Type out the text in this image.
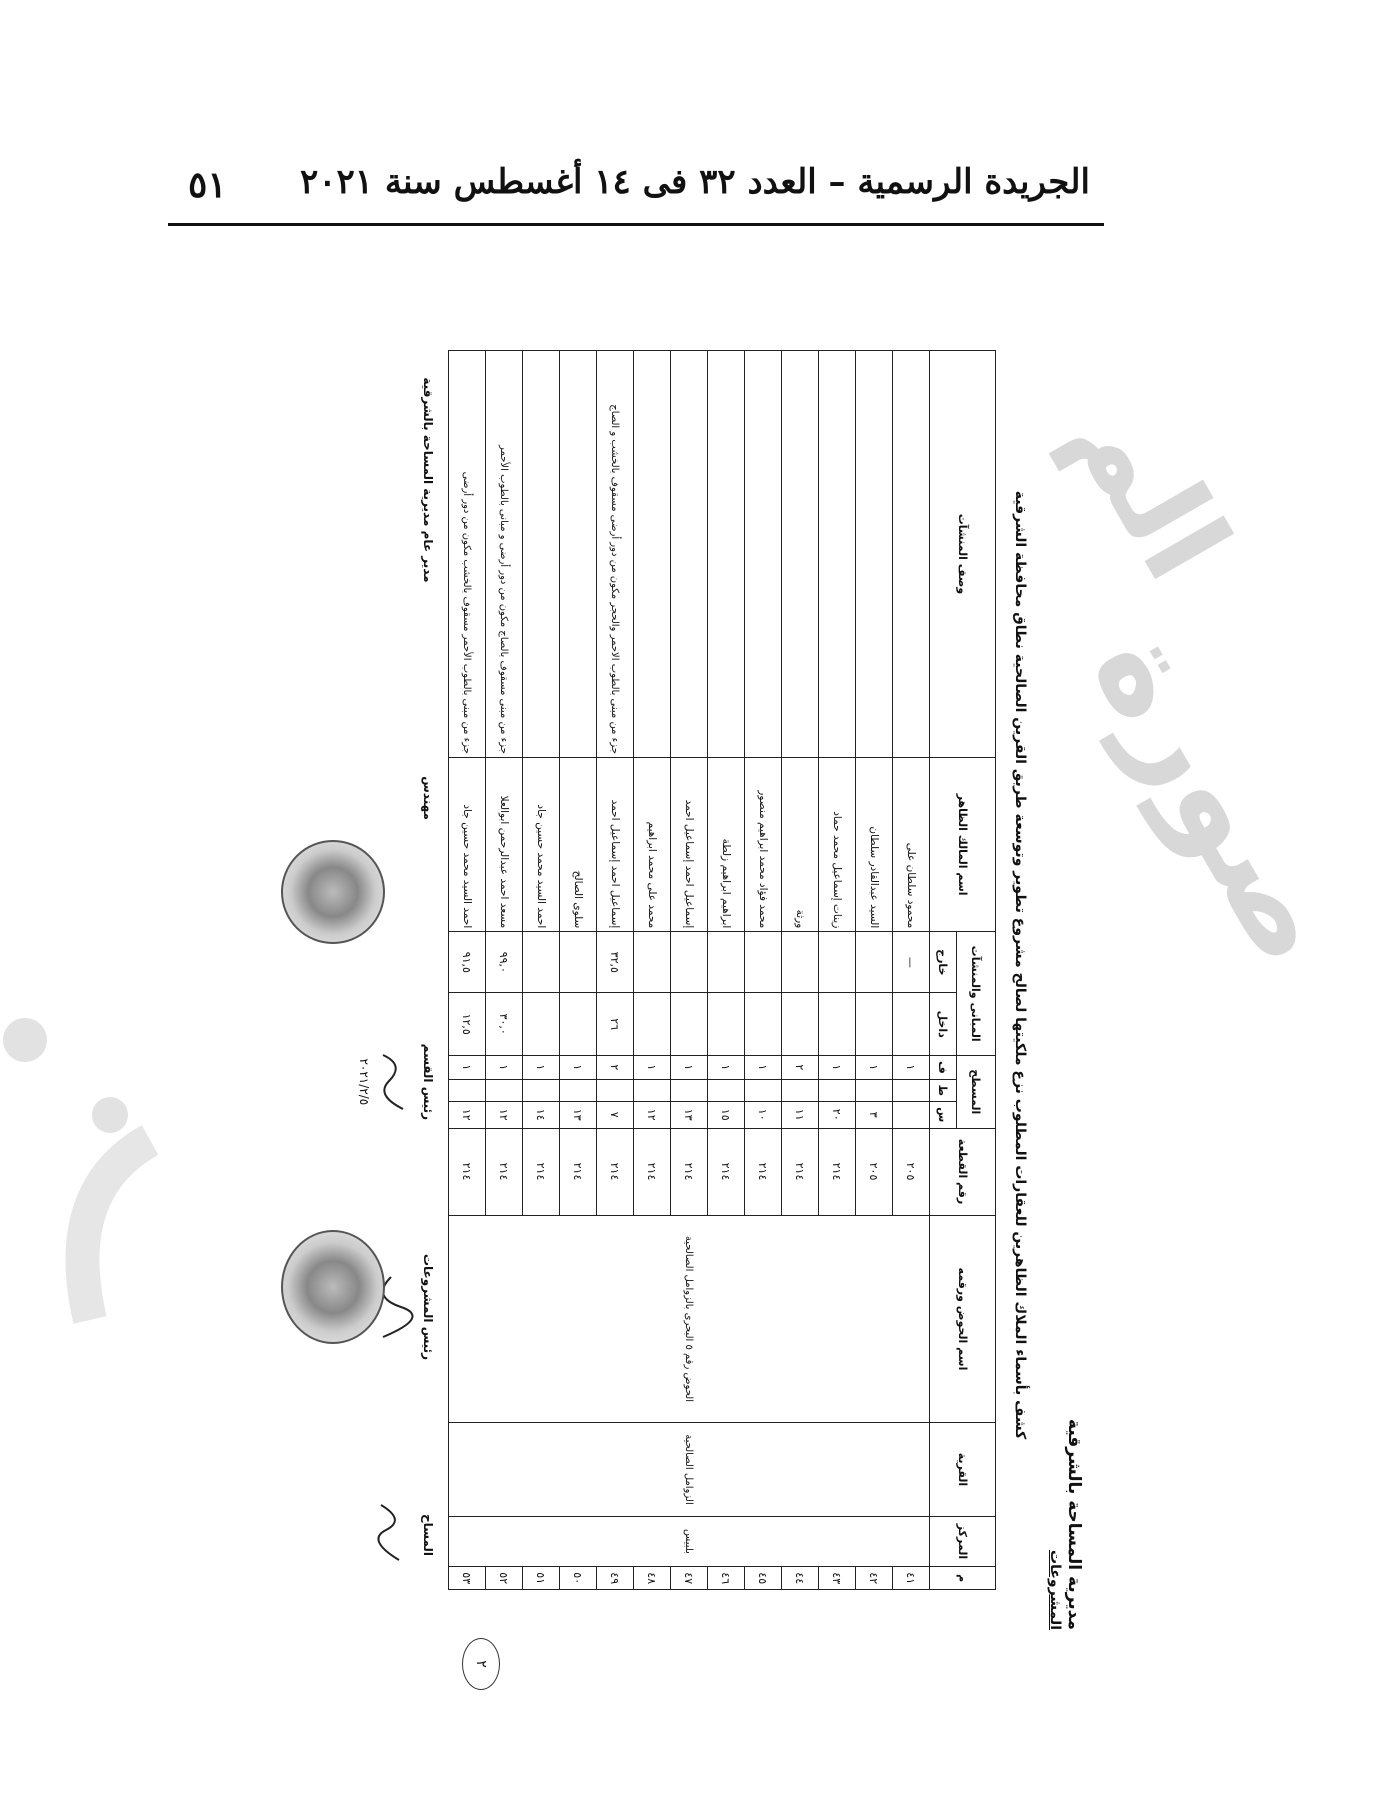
٥١ الجريدة الرسمية – العدد ٣٢ فى ١٤ أغسطس سنة ٢٠٢١
الم
صورة
مديرية المساحة بالشرقية
المشروعات
٢
كشف بأسماء الملاك الظاهرين للعقارات المطلوب نزع ملكيتها لصالح مشروع تطوير وتوسعة طريق القرين الصالحية نطاق محافظة الشرقية
م	المركز	القرية	اسم الحوض ورقمه	رقم القطعة	المسطح			المبانى والمنشآت		اسم المالك الظاهر	وصف المنشآت
					س	ط	ف	داخل	خارج		
٤١	بلبيس	الزوامل الصالحية	الحوض رقم ٥ البحرى بالزوامل الصالحية	٢٠٥			١		—	محمود سلطان على	
٤٢				٢٠٥	٣		١			السيد عبدالقادر سلطان	
٤٣				٢١٤	٢٠		١			زينات إسماعيل محمد حماد	
٤٤				٢١٤	١١		٢			ورثة	
٤٥				٢١٤	١٠		١			محمد فؤاد محمد ابراهيم منصور	
٤٦				٢١٤	١٥		١			ابراهيم ابراهيم زلطة	
٤٧				٢١٤	١٣		١			إسماعيل احمد إسماعيل احمد	
٤٨				٢١٤	١٢		١			محمد على محمد ابراهيم	
٤٩				٢١٤	٧		٢	٢٦	٣٢,٥	إسماعيل احمد إسماعيل احمد	جزء من مبنى بالطوب الاحمر والحجر مكون من دور أرضى مسقوف بالخشب و الصاج
٥٠				٢١٤	١٣		١			سلوى الصالح	
٥١				٢١٤	١٤		١			احمد السيد محمد حسين جاد	
٥٢				٢١٤	١٢		١	٣٠,٠	٩٩,٠	مسعد احمد عبدالرحمن ابوالعلا	جزء من مبنى مسقوف بالصاج مكون من دور أرضى و مبانى بالطوب الأحمر
٥٣				٢١٤	١٢		١	١٢,٥	٩١,٥	احمد السيد محمد حسين جاد	جزء من مبنى بالطوب الأحمر مسقوف بالخشب مكون من دور أرضى
المساح
رئيس المشروعات
رئيس القسم
٢٠٢١/٢/٥
مهندس
مدير عام مديرية المساحة بالشرقية
